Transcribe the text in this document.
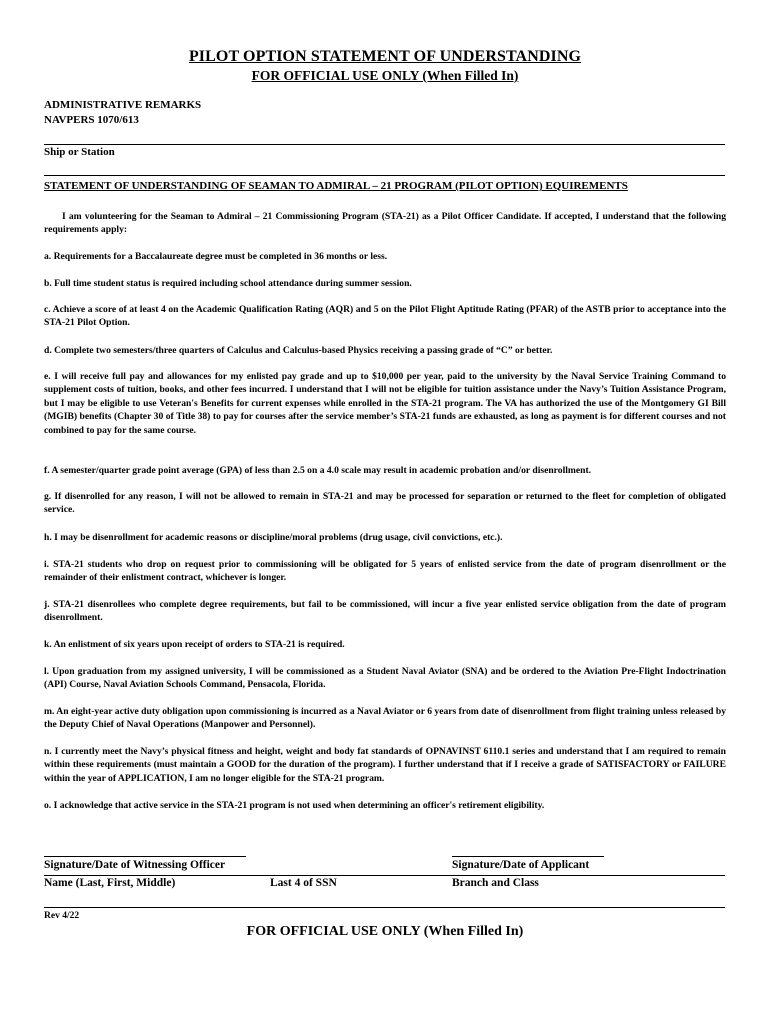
PILOT OPTION STATEMENT OF UNDERSTANDING
FOR OFFICIAL USE ONLY (When Filled In)
ADMINISTRATIVE REMARKS
NAVPERS 1070/613
Ship or Station
STATEMENT OF UNDERSTANDING OF SEAMAN TO ADMIRAL – 21 PROGRAM (PILOT OPTION) EQUIREMENTS
I am volunteering for the Seaman to Admiral – 21 Commissioning Program (STA-21) as a Pilot Officer Candidate. If accepted, I understand that the following requirements apply:
a. Requirements for a Baccalaureate degree must be completed in 36 months or less.
b. Full time student status is required including school attendance during summer session.
c. Achieve a score of at least 4 on the Academic Qualification Rating (AQR) and 5 on the Pilot Flight Aptitude Rating (PFAR) of the ASTB prior to acceptance into the STA-21 Pilot Option.
d. Complete two semesters/three quarters of Calculus and Calculus-based Physics receiving a passing grade of “C” or better.
e. I will receive full pay and allowances for my enlisted pay grade and up to $10,000 per year, paid to the university by the Naval Service Training Command to supplement costs of tuition, books, and other fees incurred. I understand that I will not be eligible for tuition assistance under the Navy’s Tuition Assistance Program, but I may be eligible to use Veteran's Benefits for current expenses while enrolled in the STA-21 program. The VA has authorized the use of the Montgomery GI Bill (MGIB) benefits (Chapter 30 of Title 38) to pay for courses after the service member’s STA-21 funds are exhausted, as long as payment is for different courses and not combined to pay for the same course.
f. A semester/quarter grade point average (GPA) of less than 2.5 on a 4.0 scale may result in academic probation and/or disenrollment.
g. If disenrolled for any reason, I will not be allowed to remain in STA-21 and may be processed for separation or returned to the fleet for completion of obligated service.
h. I may be disenrollment for academic reasons or discipline/moral problems (drug usage, civil convictions, etc.).
i. STA-21 students who drop on request prior to commissioning will be obligated for 5 years of enlisted service from the date of program disenrollment or the remainder of their enlistment contract, whichever is longer.
j. STA-21 disenrollees who complete degree requirements, but fail to be commissioned, will incur a five year enlisted service obligation from the date of program disenrollment.
k. An enlistment of six years upon receipt of orders to STA-21 is required.
l. Upon graduation from my assigned university, I will be commissioned as a Student Naval Aviator (SNA) and be ordered to the Aviation Pre-Flight Indoctrination (API) Course, Naval Aviation Schools Command, Pensacola, Florida.
m. An eight-year active duty obligation upon commissioning is incurred as a Naval Aviator or 6 years from date of disenrollment from flight training unless released by the Deputy Chief of Naval Operations (Manpower and Personnel).
n. I currently meet the Navy’s physical fitness and height, weight and body fat standards of OPNAVINST 6110.1 series and understand that I am required to remain within these requirements (must maintain a GOOD for the duration of the program). I further understand that if I receive a grade of SATISFACTORY or FAILURE within the year of APPLICATION, I am no longer eligible for the STA-21 program.
o. I acknowledge that active service in the STA-21 program is not used when determining an officer's retirement eligibility.
Signature/Date of Witnessing Officer	Signature/Date of Applicant
Name (Last, First, Middle)	Last 4 of SSN	Branch and Class
Rev 4/22
FOR OFFICIAL USE ONLY (When Filled In)
